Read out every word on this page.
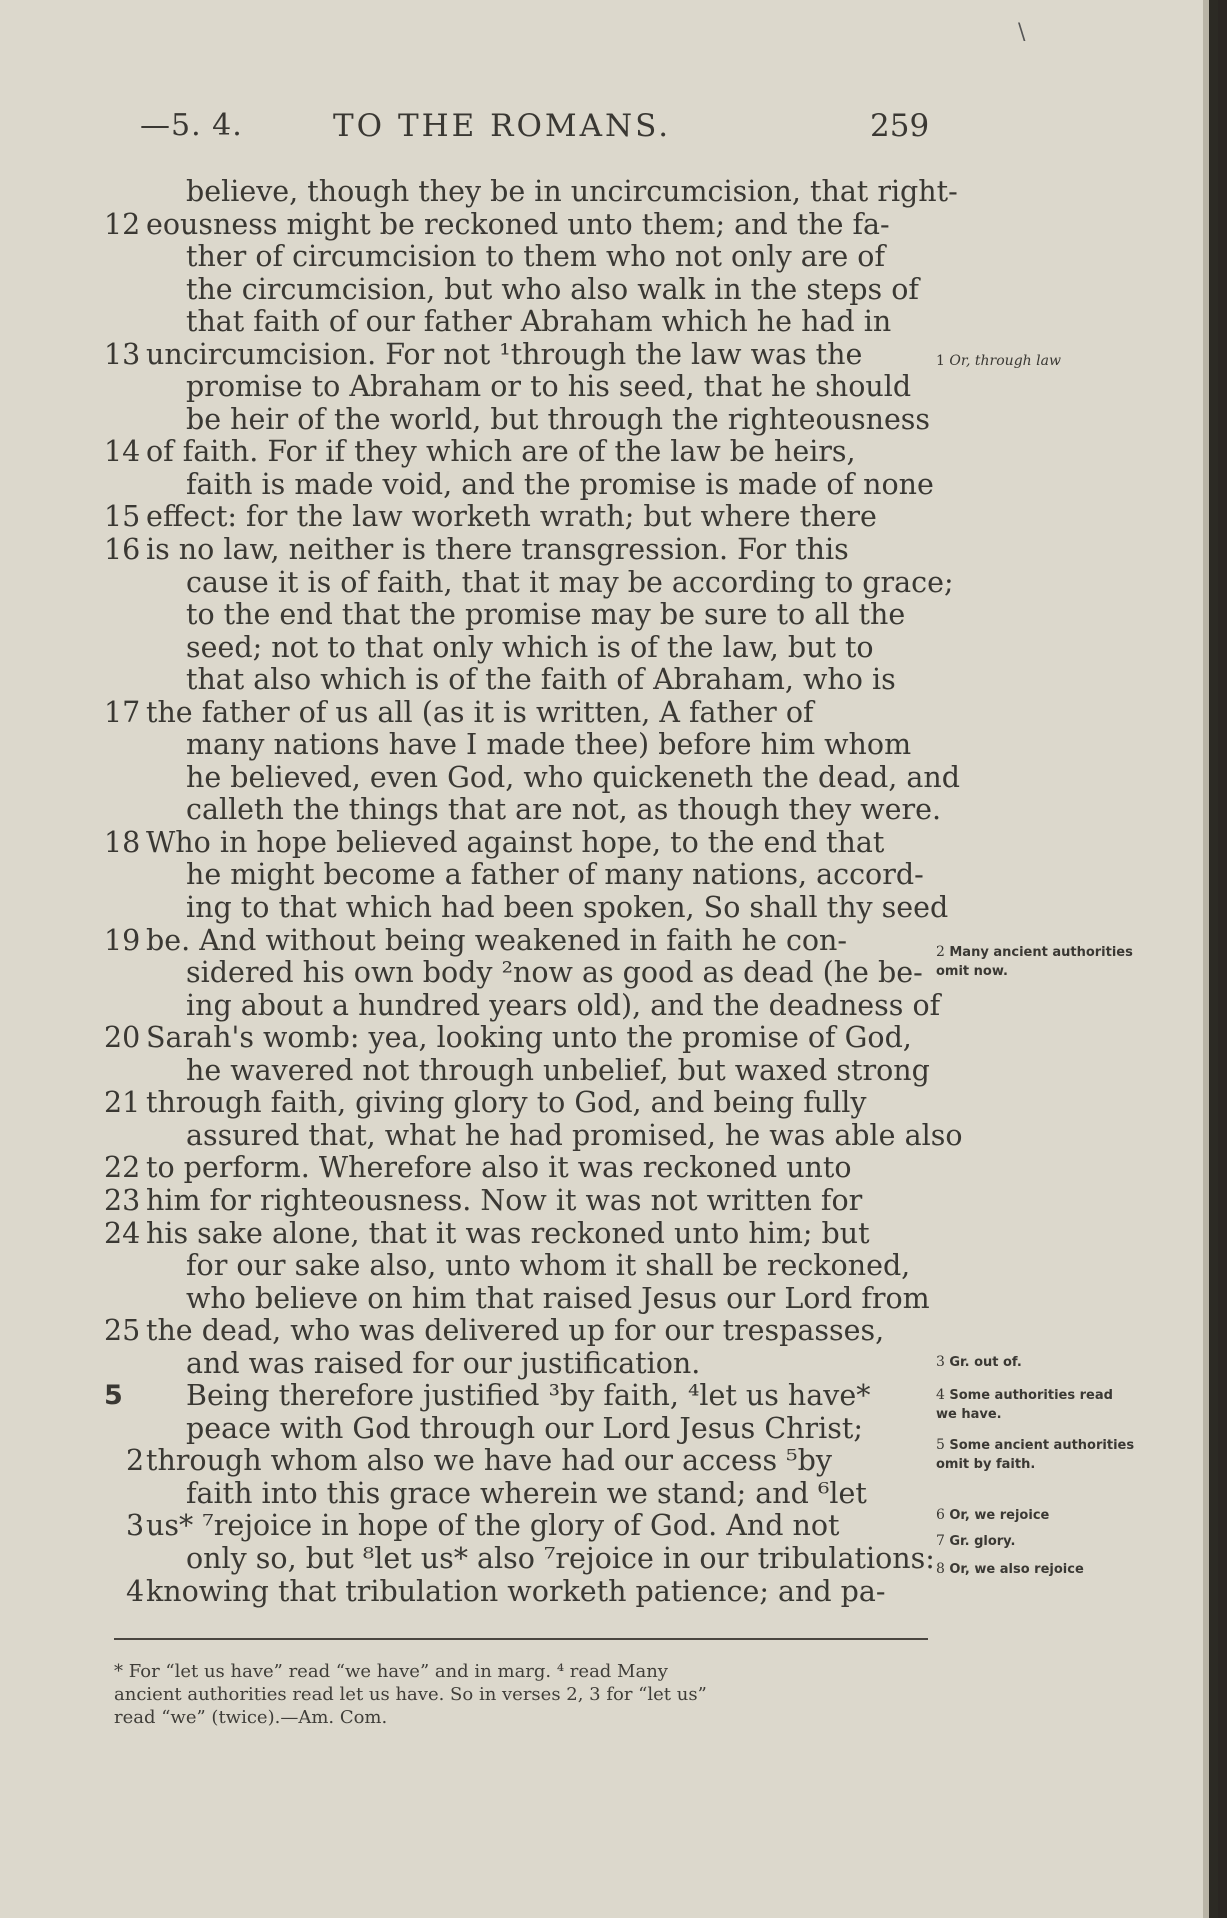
\
—5. 4.	TO THE ROMANS.	259
believe, though they be in uncircumcision, that right-
12 eousness might be reckoned unto them; and the fa-
ther of circumcision to them who not only are of
the circumcision, but who also walk in the steps of
that faith of our father Abraham which he had in
13 uncircumcision. For not ¹through the law was the
promise to Abraham or to his seed, that he should
be heir of the world, but through the righteousness
14 of faith. For if they which are of the law be heirs,
faith is made void, and the promise is made of none
15 effect: for the law worketh wrath; but where there
16 is no law, neither is there transgression. For this
cause it is of faith, that it may be according to grace;
to the end that the promise may be sure to all the
seed; not to that only which is of the law, but to
that also which is of the faith of Abraham, who is
17 the father of us all (as it is written, A father of
many nations have I made thee) before him whom
he believed, even God, who quickeneth the dead, and
calleth the things that are not, as though they were.
18 Who in hope believed against hope, to the end that
he might become a father of many nations, accord-
ing to that which had been spoken, So shall thy seed
19 be. And without being weakened in faith he con-
sidered his own body ²now as good as dead (he be-
ing about a hundred years old), and the deadness of
20 Sarah's womb: yea, looking unto the promise of God,
he wavered not through unbelief, but waxed strong
21 through faith, giving glory to God, and being fully
assured that, what he had promised, he was able also
22 to perform. Wherefore also it was reckoned unto
23 him for righteousness. Now it was not written for
24 his sake alone, that it was reckoned unto him; but
for our sake also, unto whom it shall be reckoned,
who believe on him that raised Jesus our Lord from
25 the dead, who was delivered up for our trespasses,
and was raised for our justification.
5	Being therefore justified ³by faith, ⁴let us have*
peace with God through our Lord Jesus Christ;
2 through whom also we have had our access ⁵by
faith into this grace wherein we stand; and ⁶let
3 us* ⁷rejoice in hope of the glory of God. And not
only so, but ⁸let us* also ⁷rejoice in our tribulations:
4 knowing that tribulation worketh patience; and pa-
1 Or, through law
2 Many ancient authorities omit now.
3 Gr. out of.
4 Some authorities read we have.
5 Some ancient authorities omit by faith.
6 Or, we rejoice
7 Gr. glory.
8 Or, we also rejoice
* For “let us have” read “we have” and in marg. ⁴ read Many
ancient authorities read let us have. So in verses 2, 3 for “let us”
read “we” (twice).—Am. Com.
